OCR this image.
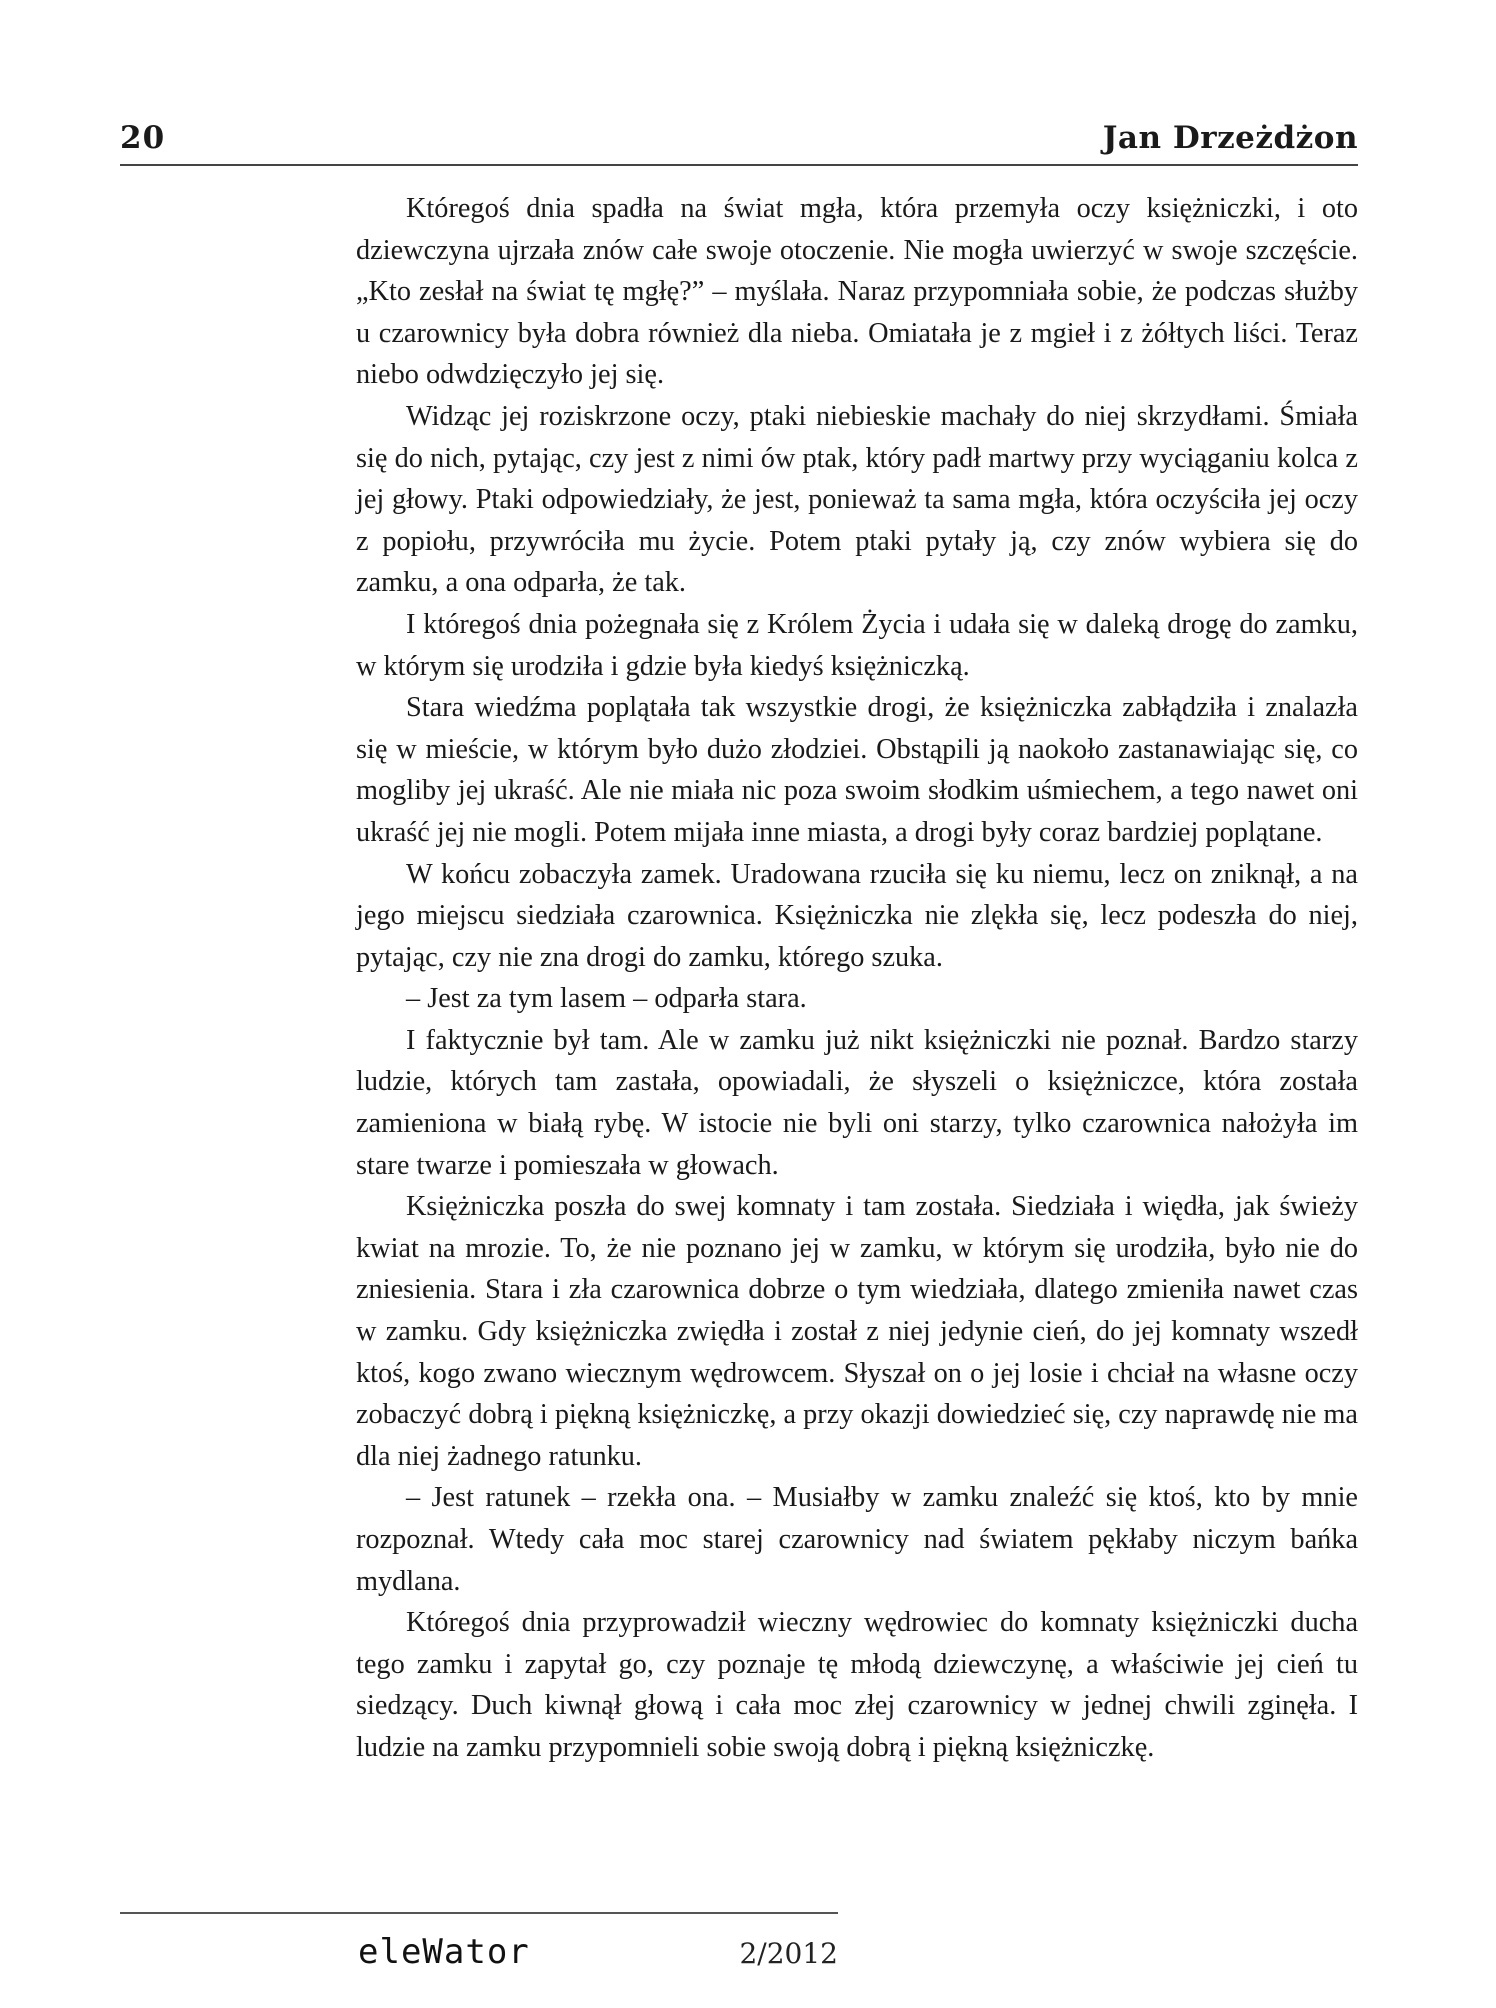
20	Jan Drzeżdżon

Któregoś dnia spadła na świat mgła, która przemyła oczy księżniczki, i oto dziewczyna ujrzała znów całe swoje otoczenie. Nie mogła uwierzyć w swoje szczęście. „Kto zesłał na świat tę mgłę?” – myślała. Naraz przypomniała sobie, że podczas służby u czarownicy była dobra również dla nieba. Omiatała je z mgieł i z żółtych liści. Teraz niebo odwdzięczyło jej się.

Widząc jej roziskrzone oczy, ptaki niebieskie machały do niej skrzydłami. Śmiała się do nich, pytając, czy jest z nimi ów ptak, który padł martwy przy wyciąganiu kolca z jej głowy. Ptaki odpowiedziały, że jest, ponieważ ta sama mgła, która oczyściła jej oczy z popiołu, przywróciła mu życie. Potem ptaki pytały ją, czy znów wybiera się do zamku, a ona odparła, że tak.

I któregoś dnia pożegnała się z Królem Życia i udała się w daleką drogę do zamku, w którym się urodziła i gdzie była kiedyś księżniczką.

Stara wiedźma poplątała tak wszystkie drogi, że księżniczka zabłądziła i znalazła się w mieście, w którym było dużo złodziei. Obstąpili ją naokoło zastanawiając się, co mogliby jej ukraść. Ale nie miała nic poza swoim słodkim uśmiechem, a tego nawet oni ukraść jej nie mogli. Potem mijała inne miasta, a drogi były coraz bardziej poplątane.

W końcu zobaczyła zamek. Uradowana rzuciła się ku niemu, lecz on zniknął, a na jego miejscu siedziała czarownica. Księżniczka nie zlękła się, lecz podeszła do niej, pytając, czy nie zna drogi do zamku, którego szuka.

– Jest za tym lasem – odparła stara.

I faktycznie był tam. Ale w zamku już nikt księżniczki nie poznał. Bardzo starzy ludzie, których tam zastała, opowiadali, że słyszeli o księżniczce, która została zamieniona w białą rybę. W istocie nie byli oni starzy, tylko czarownica nałożyła im stare twarze i pomieszała w głowach.

Księżniczka poszła do swej komnaty i tam została. Siedziała i więdła, jak świeży kwiat na mrozie. To, że nie poznano jej w zamku, w którym się urodziła, było nie do zniesienia. Stara i zła czarownica dobrze o tym wiedziała, dlatego zmieniła nawet czas w zamku. Gdy księżniczka zwiędła i został z niej jedynie cień, do jej komnaty wszedł ktoś, kogo zwano wiecznym wędrowcem. Słyszał on o jej losie i chciał na własne oczy zobaczyć dobrą i piękną księżniczkę, a przy okazji dowiedzieć się, czy naprawdę nie ma dla niej żadnego ratunku.

– Jest ratunek – rzekła ona. – Musiałby w zamku znaleźć się ktoś, kto by mnie rozpoznał. Wtedy cała moc starej czarownicy nad światem pękłaby niczym bańka mydlana.

Któregoś dnia przyprowadził wieczny wędrowiec do komnaty księżniczki ducha tego zamku i zapytał go, czy poznaje tę młodą dziewczynę, a właściwie jej cień tu siedzący. Duch kiwnął głową i cała moc złej czarownicy w jednej chwili zginęła. I ludzie na zamku przypomnieli sobie swoją dobrą i piękną księżniczkę.

eleWator	2/2012
